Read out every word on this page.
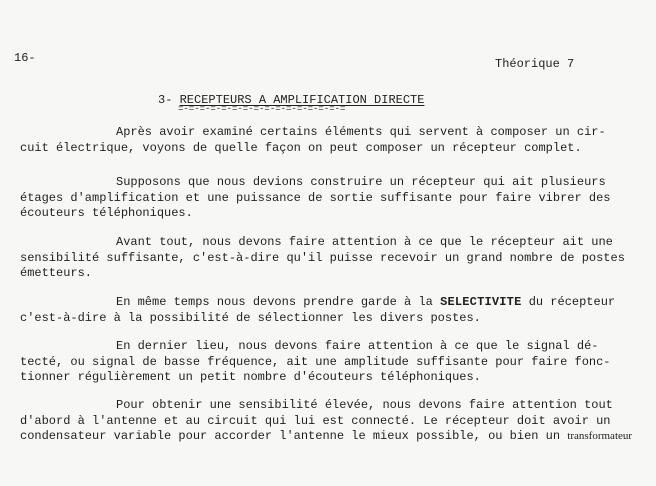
16-	Théorique 7
3- RECEPTEURS A AMPLIFICATION DIRECTE
=-=-=-=-=-=-=-=-=-=-=-=-=-=-=-=
Après avoir examiné certains éléments qui servent à composer un cir-
cuit électrique, voyons de quelle façon on peut composer un récepteur complet.
Supposons que nous devions construire un récepteur qui ait plusieurs
étages d'amplification et une puissance de sortie suffisante pour faire vibrer des
écouteurs téléphoniques.
Avant tout, nous devons faire attention à ce que le récepteur ait une
sensibilité suffisante, c'est-à-dire qu'il puisse recevoir un grand nombre de postes
émetteurs.
En même temps nous devons prendre garde à la SELECTIVITE du récepteur
c'est-à-dire à la possibilité de sélectionner les divers postes.
En dernier lieu, nous devons faire attention à ce que le signal dé-
tecté, ou signal de basse fréquence, ait une amplitude suffisante pour faire fonc-
tionner régulièrement un petit nombre d'écouteurs téléphoniques.
Pour obtenir une sensibilité élevée, nous devons faire attention tout
d'abord à l'antenne et au circuit qui lui est connecté. Le récepteur doit avoir un
condensateur variable pour accorder l'antenne le mieux possible, ou bien un transformateur
